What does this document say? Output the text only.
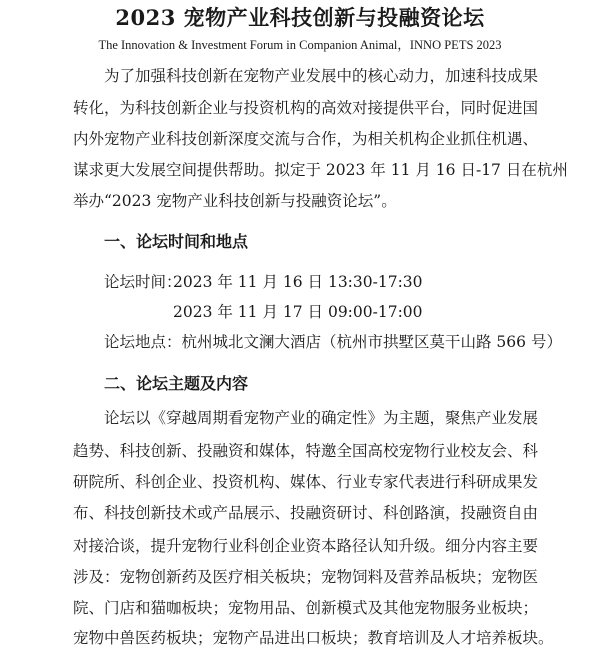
2023 宠物产业科技创新与投融资论坛
The Innovation & Investment Forum in Companion Animal，INNO PETS 2023
为了加强科技创新在宠物产业发展中的核心动力，加速科技成果
转化，为科技创新企业与投资机构的高效对接提供平台，同时促进国
内外宠物产业科技创新深度交流与合作，为相关机构企业抓住机遇、
谋求更大发展空间提供帮助。拟定于 2023 年 11 月 16 日-17 日在杭州
举办“2023 宠物产业科技创新与投融资论坛”。
一、论坛时间和地点
论坛时间：
2023 年 11 月 16 日 13:30-17:30
2023 年 11 月 17 日 09:00-17:00
论坛地点：杭州城北文澜大酒店（杭州市拱墅区莫干山路 566 号）
二、论坛主题及内容
论坛以《穿越周期看宠物产业的确定性》为主题，聚焦产业发展
趋势、科技创新、投融资和媒体，特邀全国高校宠物行业校友会、科
研院所、科创企业、投资机构、媒体、行业专家代表进行科研成果发
布、科技创新技术或产品展示、投融资研讨、科创路演，投融资自由
对接洽谈，提升宠物行业科创企业资本路径认知升级。细分内容主要
涉及：宠物创新药及医疗相关板块；宠物饲料及营养品板块；宠物医
院、门店和猫咖板块；宠物用品、创新模式及其他宠物服务业板块；
宠物中兽医药板块；宠物产品进出口板块；教育培训及人才培养板块。
